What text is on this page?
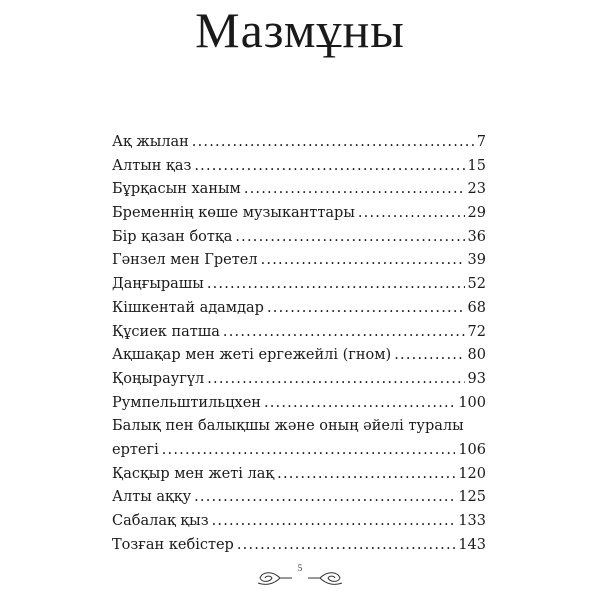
Мазмұны
Ақ жылан .....	7
Алтын қаз .....	15
Бұрқасын ханым .....	23
Бременнің көше музыканттары .....	29
Бір қазан ботқа .....	36
Гәнзел мен Гретел .....	39
Даңғырашы .....	52
Кішкентай адамдар .....	68
Құсиек патша .....	72
Ақшақар мен жеті ергежейлі (гном) .....	80
Қоңыраугүл .....	93
Румпельштильцхен .....	100
Балық пен балықшы және оның әйелі туралы
ертегі .....	106
Қасқыр мен жеті лақ .....	120
Алты аққу .....	125
Сабалақ қыз .....	133
Тозған кебістер .....	143
5
